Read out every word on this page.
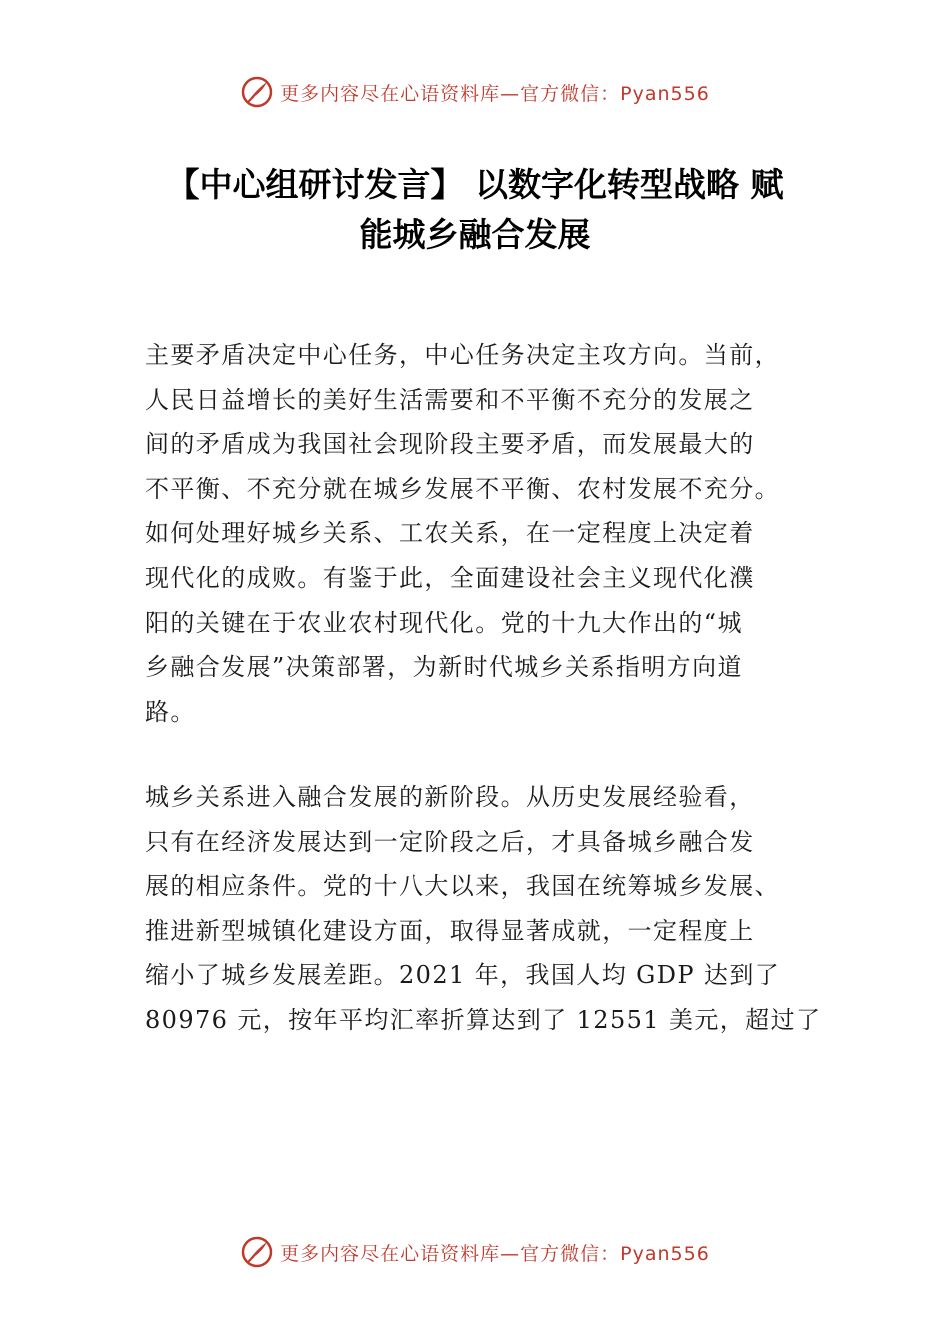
更多内容尽在心语资料库—官方微信：Pyan556
【中心组研讨发言】 以数字化转型战略 赋
能城乡融合发展
主要矛盾决定中心任务，中心任务决定主攻方向。当前，
人民日益增长的美好生活需要和不平衡不充分的发展之
间的矛盾成为我国社会现阶段主要矛盾，而发展最大的
不平衡、不充分就在城乡发展不平衡、农村发展不充分。
如何处理好城乡关系、工农关系，在一定程度上决定着
现代化的成败。有鉴于此，全面建设社会主义现代化濮
阳的关键在于农业农村现代化。党的十九大作出的“城
乡融合发展”决策部署，为新时代城乡关系指明方向道
路。
城乡关系进入融合发展的新阶段。从历史发展经验看，
只有在经济发展达到一定阶段之后，才具备城乡融合发
展的相应条件。党的十八大以来，我国在统筹城乡发展、
推进新型城镇化建设方面，取得显著成就，一定程度上
缩小了城乡发展差距。2021 年，我国人均 GDP 达到了
80976 元，按年平均汇率折算达到了 12551 美元，超过了
更多内容尽在心语资料库—官方微信：Pyan556
